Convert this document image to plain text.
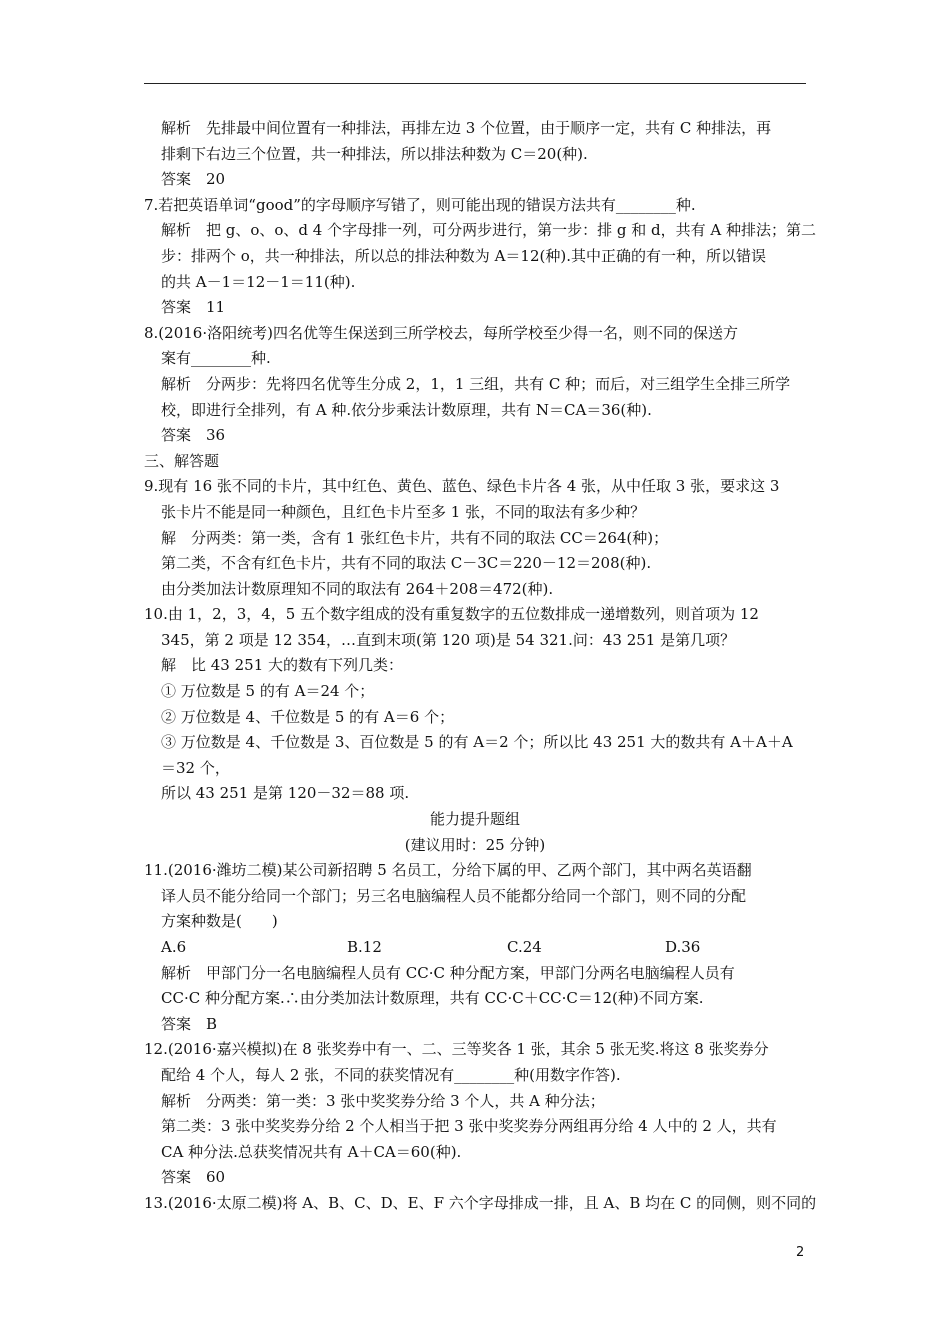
解析　先排最中间位置有一种排法，再排左边 3 个位置，由于顺序一定，共有 C 种排法，再
排剩下右边三个位置，共一种排法，所以排法种数为 C＝20(种).
答案　20
7.若把英语单词“good”的字母顺序写错了，则可能出现的错误方法共有________种.
解析　把 g、o、o、d 4 个字母排一列，可分两步进行，第一步：排 g 和 d，共有 A 种排法；第二
步：排两个 o，共一种排法，所以总的排法种数为 A＝12(种).其中正确的有一种，所以错误
的共 A－1＝12－1＝11(种).
答案　11
8.(2016·洛阳统考)四名优等生保送到三所学校去，每所学校至少得一名，则不同的保送方
案有________种.
解析　分两步：先将四名优等生分成 2，1，1 三组，共有 C 种；而后，对三组学生全排三所学
校，即进行全排列，有 A 种.依分步乘法计数原理，共有 N＝CA＝36(种).
答案　36
三、解答题
9.现有 16 张不同的卡片，其中红色、黄色、蓝色、绿色卡片各 4 张，从中任取 3 张，要求这 3
张卡片不能是同一种颜色，且红色卡片至多 1 张，不同的取法有多少种？
解　分两类：第一类，含有 1 张红色卡片，共有不同的取法 CC＝264(种)；
第二类，不含有红色卡片，共有不同的取法 C－3C＝220－12＝208(种).
由分类加法计数原理知不同的取法有 264＋208＝472(种).
10.由 1，2，3，4，5 五个数字组成的没有重复数字的五位数排成一递增数列，则首项为 12
345，第 2 项是 12 354，…直到末项(第 120 项)是 54 321.问：43 251 是第几项？
解　比 43 251 大的数有下列几类：
① 万位数是 5 的有 A＝24 个；
② 万位数是 4、千位数是 5 的有 A＝6 个；
③ 万位数是 4、千位数是 3、百位数是 5 的有 A＝2 个；所以比 43 251 大的数共有 A＋A＋A
＝32 个，
所以 43 251 是第 120－32＝88 项.
能力提升题组
(建议用时：25 分钟)
11.(2016·潍坊二模)某公司新招聘 5 名员工，分给下属的甲、乙两个部门，其中两名英语翻
译人员不能分给同一个部门；另三名电脑编程人员不能都分给同一个部门，则不同的分配
方案种数是(　　)
A.6	B.12	C.24	D.36
解析　甲部门分一名电脑编程人员有 CC·C 种分配方案，甲部门分两名电脑编程人员有
CC·C 种分配方案.∴由分类加法计数原理，共有 CC·C＋CC·C＝12(种)不同方案.
答案　B
12.(2016·嘉兴模拟)在 8 张奖券中有一、二、三等奖各 1 张，其余 5 张无奖.将这 8 张奖券分
配给 4 个人，每人 2 张，不同的获奖情况有________种(用数字作答).
解析　分两类：第一类：3 张中奖奖券分给 3 个人，共 A 种分法；
第二类：3 张中奖奖券分给 2 个人相当于把 3 张中奖奖券分两组再分给 4 人中的 2 人，共有
CA 种分法.总获奖情况共有 A＋CA＝60(种).
答案　60
13.(2016·太原二模)将 A、B、C、D、E、F 六个字母排成一排，且 A、B 均在 C 的同侧，则不同的
2
